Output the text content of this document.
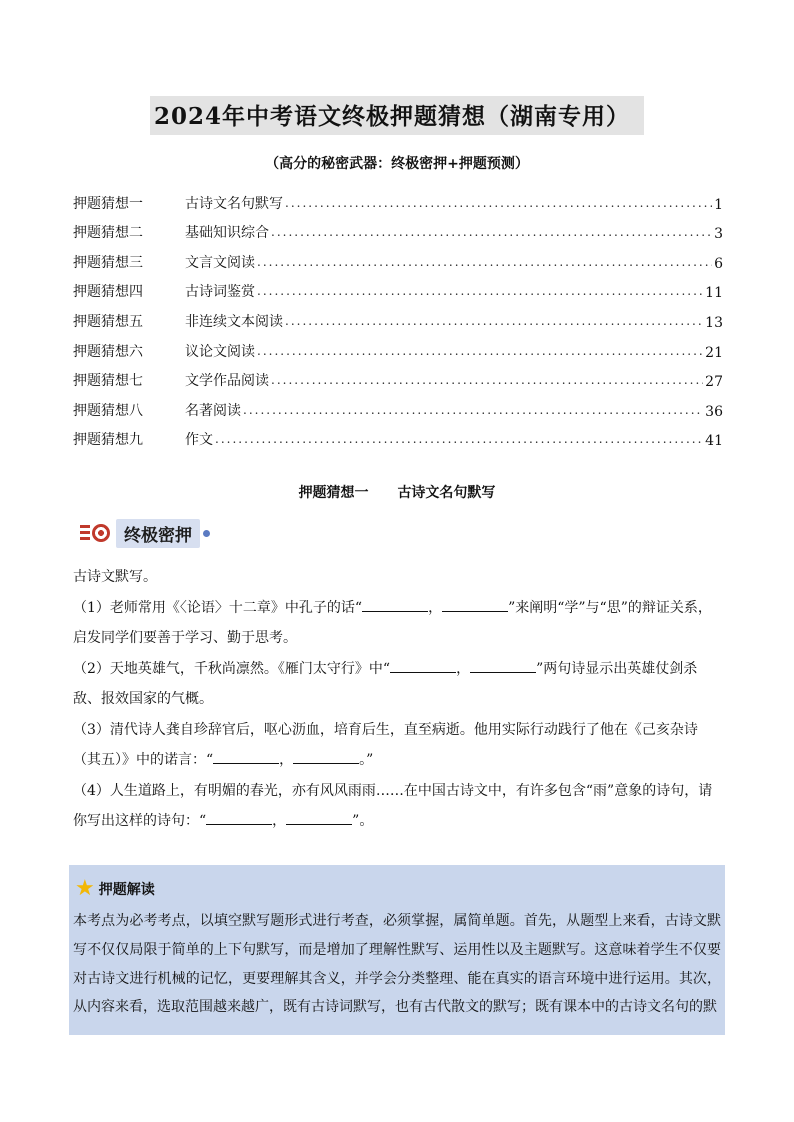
2024年中考语文终极押题猜想（湖南专用）
（高分的秘密武器：终极密押+押题预测）
押题猜想一	古诗文名句默写 .....	1
押题猜想二	基础知识综合 .....	3
押题猜想三	文言文阅读 .....	6
押题猜想四	古诗词鉴赏 .....	11
押题猜想五	非连续文本阅读 .....	13
押题猜想六	议论文阅读 .....	21
押题猜想七	文学作品阅读 .....	27
押题猜想八	名著阅读 .....	36
押题猜想九	作文 .....	41
押题猜想一 古诗文名句默写
终极密押

古诗文默写。

（1）老师常用《〈论语〉十二章》中孔子的话“	，	”来阐明“学”与“思”的辩证关系，启发同学们要善于学习、勤于思考。

（2）天地英雄气，千秋尚凛然。《雁门太守行》中“	，	”两句诗显示出英雄仗剑杀敌、报效国家的气概。

（3）清代诗人龚自珍辞官后，呕心沥血，培育后生，直至病逝。他用实际行动践行了他在《己亥杂诗（其五）》中的诺言：“	，	。”

（4）人生道路上，有明媚的春光，亦有风风雨雨……在中国古诗文中，有许多包含“雨”意象的诗句，请你写出这样的诗句：“	，	”。

★ 押题解读
本考点为必考考点，以填空默写题形式进行考查，必须掌握，属简单题。首先，从题型上来看，古诗文默写不仅仅局限于简单的上下句默写，而是增加了理解性默写、运用性以及主题默写。这意味着学生不仅要对古诗文进行机械的记忆，更要理解其含义，并学会分类整理、能在真实的语言环境中进行运用。其次，从内容来看，选取范围越来越广，既有古诗词默写，也有古代散文的默写；既有课本中的古诗文名句的默
